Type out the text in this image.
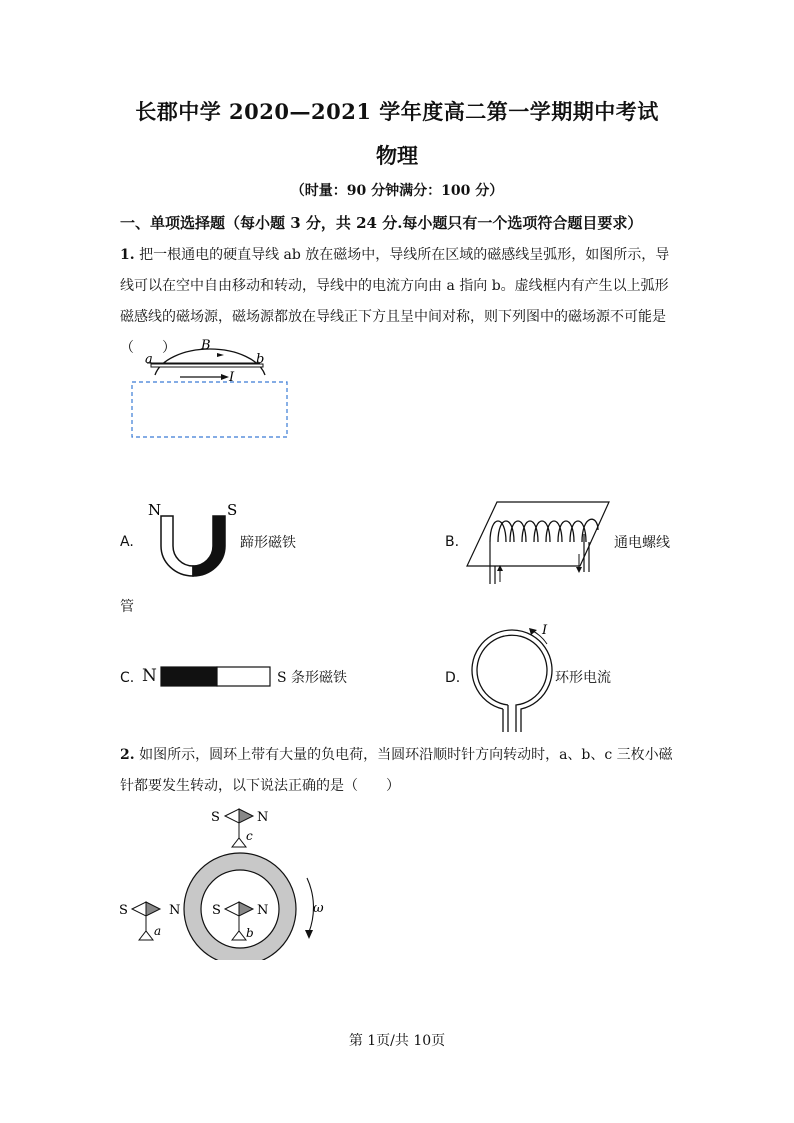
长郡中学 2020—2021 学年度高二第一学期期中考试
物理
（时量：90 分钟满分：100 分）
一、单项选择题（每小题 3 分，共 24 分.每小题只有一个选项符合题目要求）
1. 把一根通电的硬直导线 ab 放在磁场中，导线所在区域的磁感线呈弧形，如图所示，导线可以在空中自由移动和转动，导线中的电流方向由 a 指向 b。虚线框内有产生以上弧形磁感线的磁场源，磁场源都放在导线正下方且呈中间对称，则下列图中的磁场源不可能是（　　）
a	b
B
I
A.
N	S
蹄形磁铁	B.	通电螺线
管
C. N	S 条形磁铁	D.
I
环形电流
2. 如图所示，圆环上带有大量的负电荷，当圆环沿顺时针方向转动时，a、b、c 三枚小磁针都要发生转动，以下说法正确的是（　　）
ω
S	N
c
S	N
a
S	N
b
第 1页/共 10页
